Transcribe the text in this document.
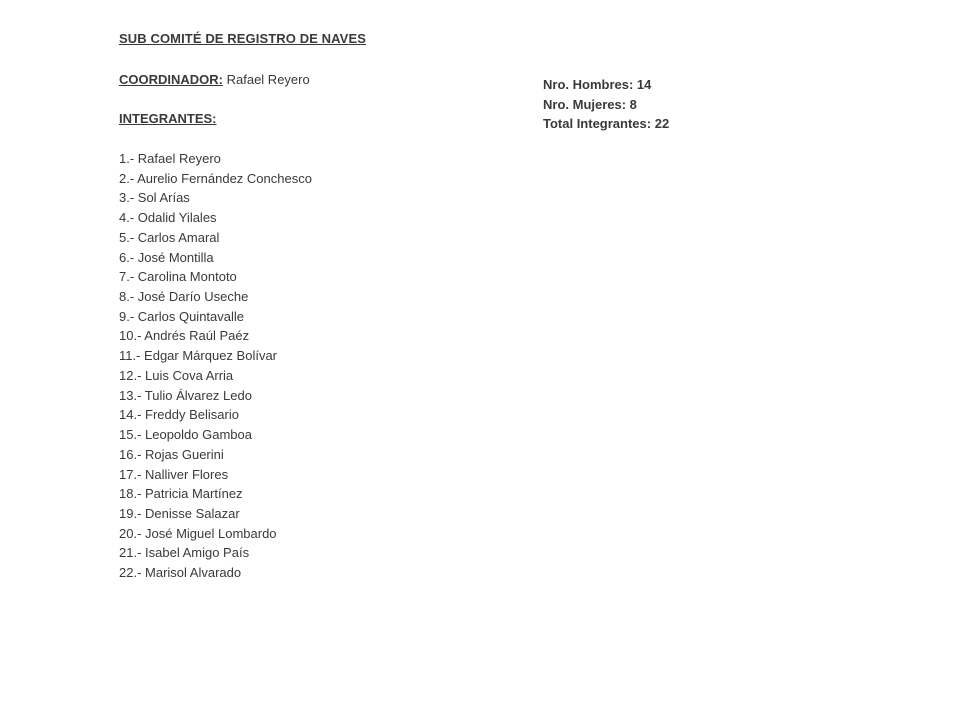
SUB COMITÉ DE REGISTRO DE NAVES
COORDINADOR: Rafael Reyero
INTEGRANTES:
1.- Rafael Reyero
2.- Aurelio Fernández Conchesco
3.- Sol Arías
4.- Odalid Yilales
5.- Carlos Amaral
6.- José Montilla
7.- Carolina Montoto
8.- José Darío Useche
9.- Carlos Quintavalle
10.- Andrés Raúl Paéz
11.- Edgar Márquez Bolívar
12.- Luis Cova Arria
13.- Tulio Álvarez Ledo
14.- Freddy Belisario
15.- Leopoldo Gamboa
16.- Rojas Guerini
17.- Nalliver Flores
18.- Patricia Martínez
19.- Denisse Salazar
20.- José Miguel Lombardo
21.- Isabel Amigo País
22.- Marisol Alvarado
Nro. Hombres: 14
Nro. Mujeres: 8
Total Integrantes: 22
